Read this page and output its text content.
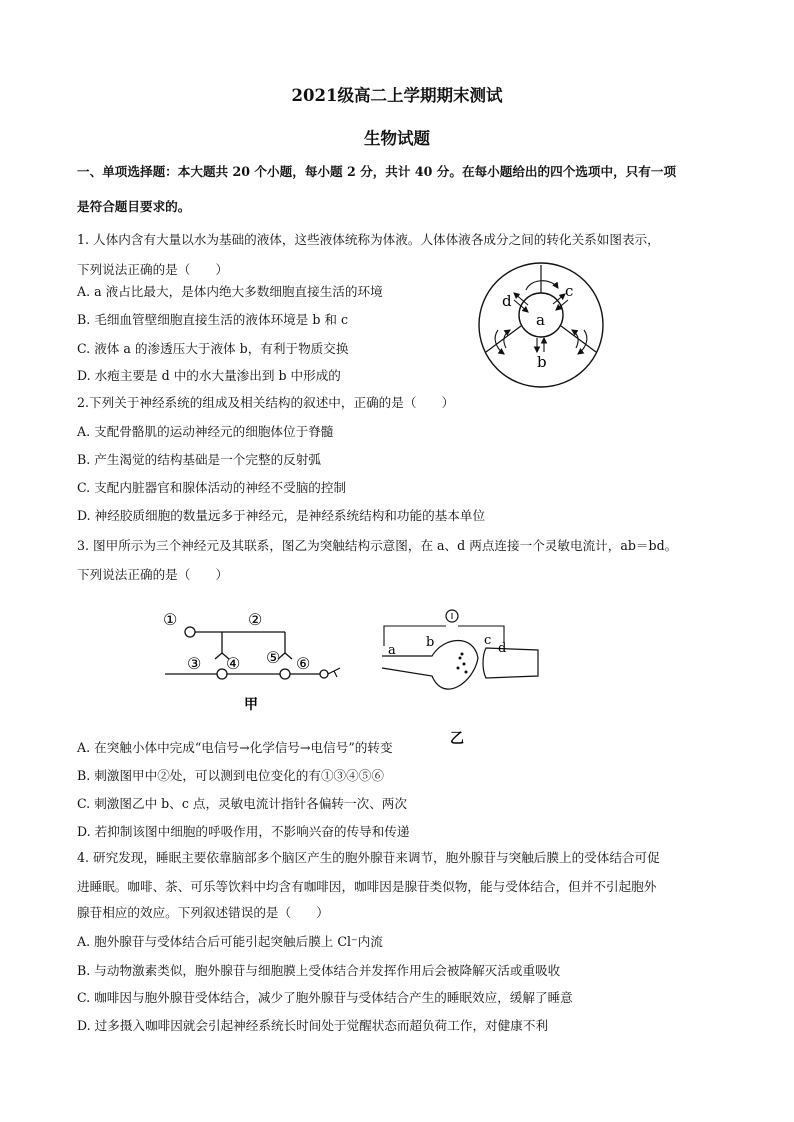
2021级高二上学期期末测试
生物试题
一、单项选择题：本大题共 20 个小题，每小题 2 分，共计 40 分。在每小题给出的四个选项中，只有一项
是符合题目要求的。
1. 人体内含有大量以水为基础的液体，这些液体统称为体液。人体体液各成分之间的转化关系如图表示，
下列说法正确的是（　　）
A. a 液占比最大，是体内绝大多数细胞直接生活的环境
B. 毛细血管壁细胞直接生活的液体环境是 b 和 c
C. 液体 a 的渗透压大于液体 b，有利于物质交换
D. 水疱主要是 d 中的水大量渗出到 b 中形成的
d
c
a
b
2.下列关于神经系统的组成及相关结构的叙述中，正确的是（　　）
A. 支配骨骼肌的运动神经元的细胞体位于脊髓
B. 产生渴觉的结构基础是一个完整的反射弧
C. 支配内脏器官和腺体活动的神经不受脑的控制
D. 神经胶质细胞的数量远多于神经元，是神经系统结构和功能的基本单位
3. 图甲所示为三个神经元及其联系，图乙为突触结构示意图，在 a、d 两点连接一个灵敏电流计，ab＝bd。
下列说法正确的是（　　）
①	②
③ ④ ⑤ ⑥
甲
a
b	c
d
乙
A. 在突触小体中完成“电信号→化学信号→电信号”的转变
B. 刺激图甲中②处，可以测到电位变化的有①③④⑤⑥
C. 刺激图乙中 b、c 点，灵敏电流计指针各偏转一次、两次
D. 若抑制该图中细胞的呼吸作用，不影响兴奋的传导和传递
4. 研究发现，睡眠主要依靠脑部多个脑区产生的胞外腺苷来调节，胞外腺苷与突触后膜上的受体结合可促
进睡眠。咖啡、茶、可乐等饮料中均含有咖啡因，咖啡因是腺苷类似物，能与受体结合，但并不引起胞外
腺苷相应的效应。下列叙述错误的是（　　）
A. 胞外腺苷与受体结合后可能引起突触后膜上 Cl⁻内流
B. 与动物激素类似，胞外腺苷与细胞膜上受体结合并发挥作用后会被降解灭活或重吸收
C. 咖啡因与胞外腺苷受体结合，减少了胞外腺苷与受体结合产生的睡眠效应，缓解了睡意
D. 过多摄入咖啡因就会引起神经系统长时间处于觉醒状态而超负荷工作，对健康不利
